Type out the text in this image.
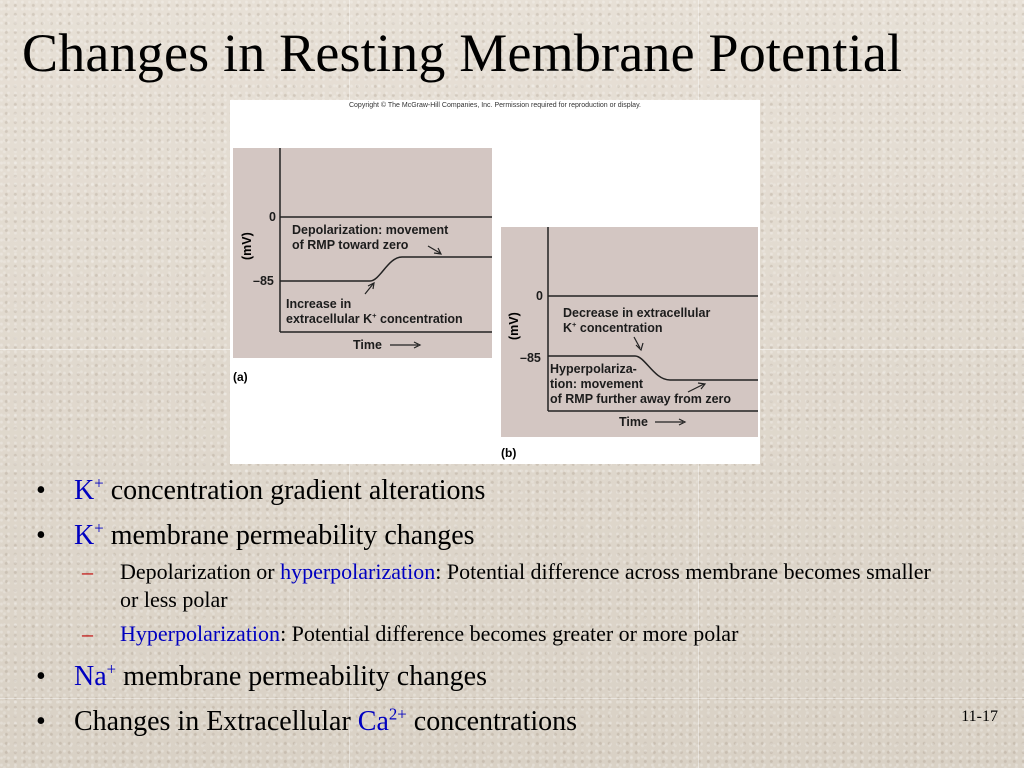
Changes in Resting Membrane Potential
Copyright © The McGraw-Hill Companies, Inc. Permission required for reproduction or display.
(mV)
0
–85
Depolarization: movement
of RMP toward zero
Increase in
extracellular K+ concentration
Time
(a)
(mV)
0
–85
Decrease in extracellular
K+ concentration
Hyperpolariza-
tion: movement
of RMP further away from zero
Time
(b)
• K+ concentration gradient alterations
• K+ membrane permeability changes
– Depolarization or hyperpolarization: Potential difference across membrane becomes smaller or less polar
– Hyperpolarization: Potential difference becomes greater or more polar
• Na+ membrane permeability changes
• Changes in Extracellular $Ca^{2+}$ concentrations	11-17
